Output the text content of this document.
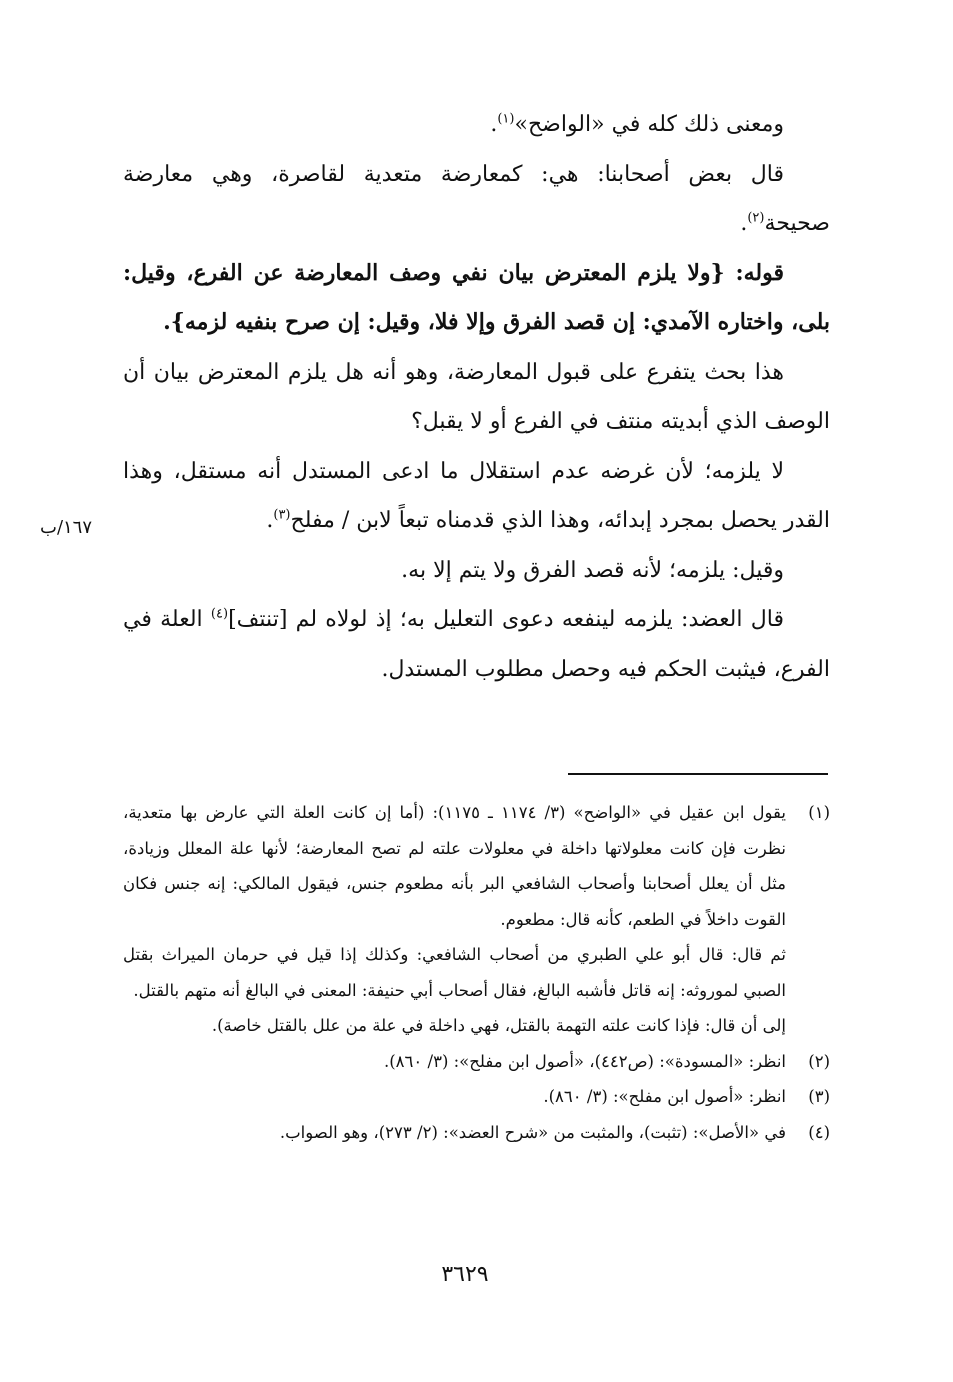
ومعنى ذلك كله في «الواضح»$^{(١)}$.

قال بعض أصحابنا: هي: كمعارضة متعدية لقاصرة، وهي معارضة صحيحة$^{(٢)}$.

قوله: {ولا يلزم المعترض بيان نفي وصف المعارضة عن الفرع، وقيل: بلى، واختاره الآمدي: إن قصد الفرق وإلا فلا، وقيل: إن صرح بنفيه لزمه}.

هذا بحث يتفرع على قبول المعارضة، وهو أنه هل يلزم المعترض بيان أن الوصف الذي أبديته منتف في الفرع أو لا يقبل؟

لا يلزمه؛ لأن غرضه عدم استقلال ما ادعى المستدل أنه مستقل، وهذا القدر يحصل بمجرد إبدائه، وهذا الذي قدمناه تبعاً لابن / مفلح$^{(٣)}$.

وقيل: يلزمه؛ لأنه قصد الفرق ولا يتم إلا به.

قال العضد: يلزمه لينفعه دعوى التعليل به؛ إذ لولاه لم [تنتف]$^{(٤)}$ العلة في الفرع، فيثبت الحكم فيه وحصل مطلوب المستدل.

١٦٧/ب
(١)

يقول ابن عقيل في «الواضح» (٣/ ١١٧٤ ـ ١١٧٥): (أما إن كانت العلة التي عارض بها متعدية، نظرت فإن كانت معلولاتها داخلة في معلولات علته لم تصح المعارضة؛ لأنها علة المعلل وزيادة، مثل أن يعلل أصحابنا وأصحاب الشافعي البر بأنه مطعوم جنس، فيقول المالكي: إنه جنس فكان القوت داخلاً في الطعم، كأنه قال: مطعوم.

ثم قال: قال أبو علي الطبري من أصحاب الشافعي: وكذلك إذا قيل في حرمان الميراث بقتل الصبي لموروثه: إنه قاتل فأشبه البالغ، فقال أصحاب أبي حنيفة: المعنى في البالغ أنه متهم بالقتل.

إلى أن قال: فإذا كانت علته التهمة بالقتل، فهي داخلة في علة من علل بالقتل خاصة).

(٢)

انظر: «المسودة»: (ص٤٤٢)، «أصول ابن مفلح»: (٣/ ٨٦٠).

(٣)

انظر: «أصول ابن مفلح»: (٣/ ٨٦٠).

(٤)

في «الأصل»: (تثبت)، والمثبت من «شرح العضد»: (٢/ ٢٧٣)، وهو الصواب.

٣٦٢٩
